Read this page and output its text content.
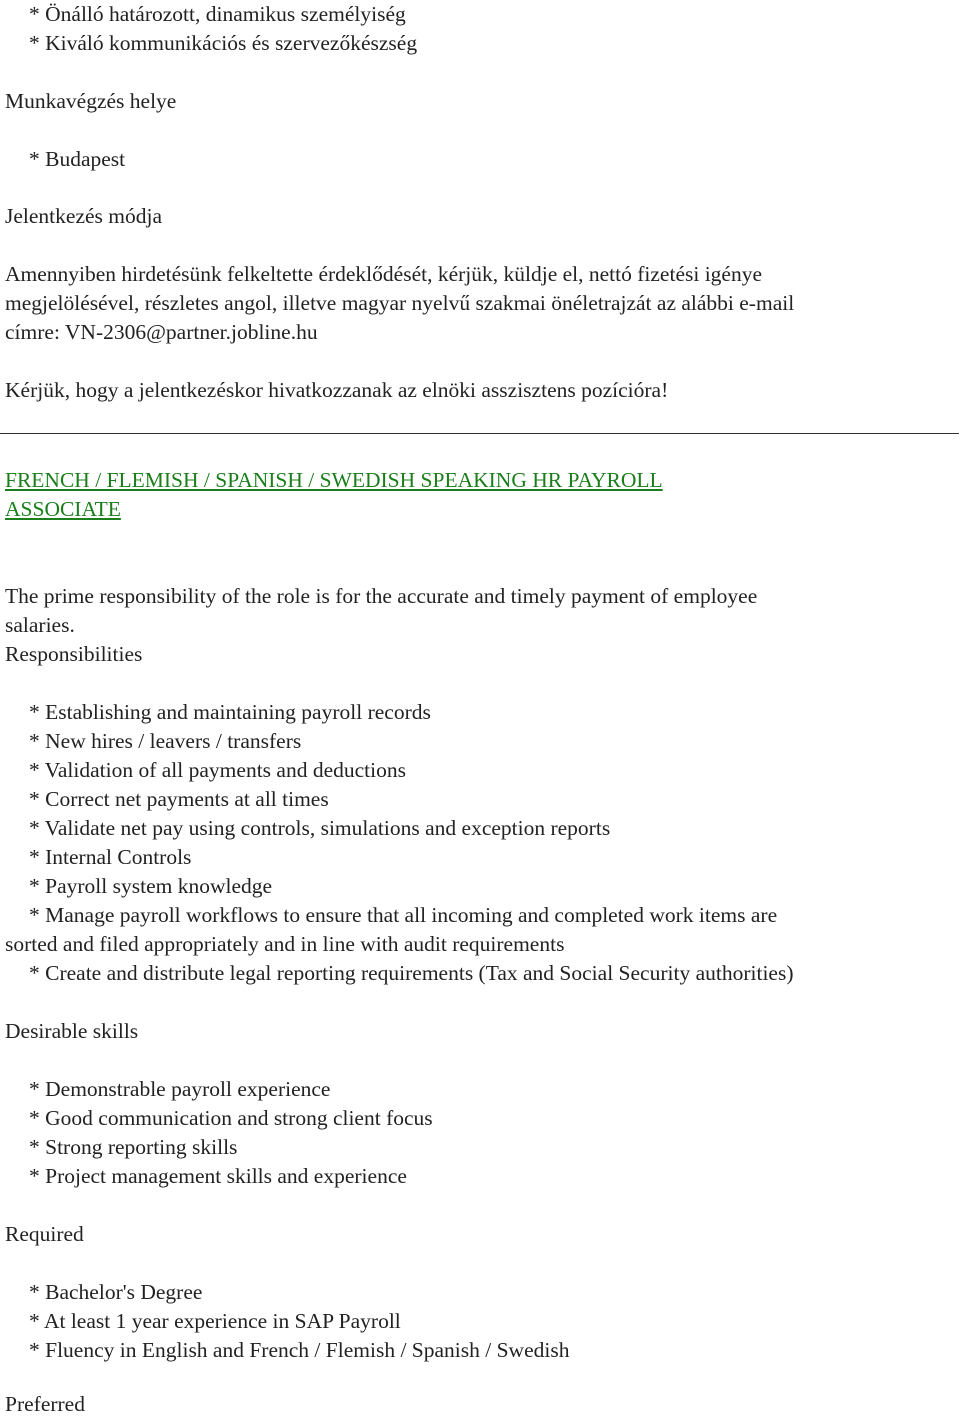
* Önálló határozott, dinamikus személyiség
* Kiváló kommunikációs és szervezőkészség
Munkavégzés helye
* Budapest
Jelentkezés módja
Amennyiben hirdetésünk felkeltette érdeklődését, kérjük, küldje el, nettó fizetési igénye
megjelölésével, részletes angol, illetve magyar nyelvű szakmai önéletrajzát az alábbi e-mail
címre: VN-2306@partner.jobline.hu
Kérjük, hogy a jelentkezéskor hivatkozzanak az elnöki asszisztens pozícióra!
FRENCH / FLEMISH / SPANISH / SWEDISH SPEAKING HR PAYROLL
ASSOCIATE
The prime responsibility of the role is for the accurate and timely payment of employee
salaries.
Responsibilities
* Establishing and maintaining payroll records
* New hires / leavers / transfers
* Validation of all payments and deductions
* Correct net payments at all times
* Validate net pay using controls, simulations and exception reports
* Internal Controls
* Payroll system knowledge
* Manage payroll workflows to ensure that all incoming and completed work items are
sorted and filed appropriately and in line with audit requirements
* Create and distribute legal reporting requirements (Tax and Social Security authorities)
Desirable skills
* Demonstrable payroll experience
* Good communication and strong client focus
* Strong reporting skills
* Project management skills and experience
Required
* Bachelor's Degree
* At least 1 year experience in SAP Payroll
* Fluency in English and French / Flemish / Spanish / Swedish
Preferred
